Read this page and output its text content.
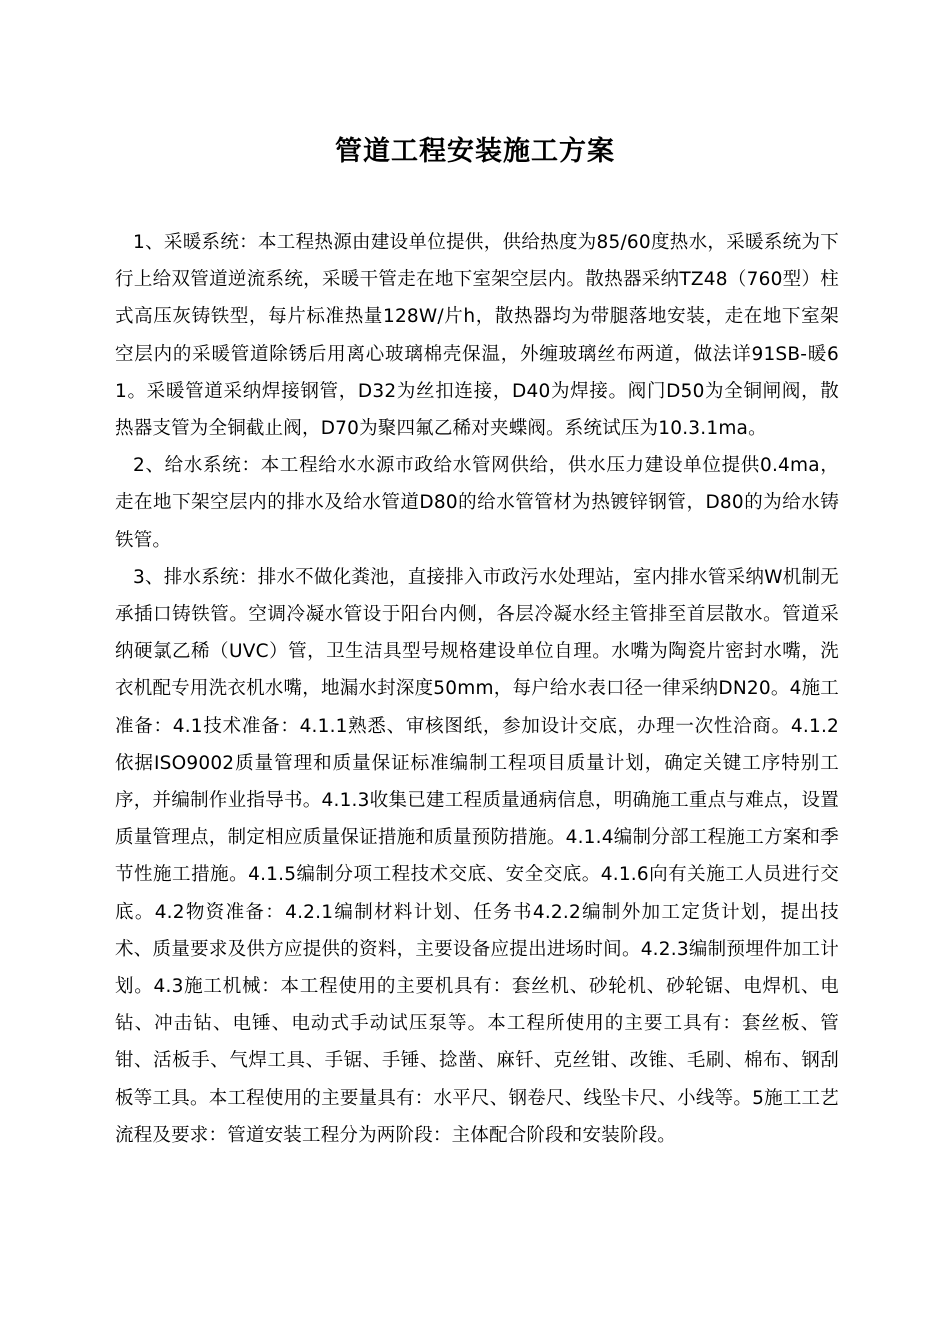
管道工程安装施工方案

1、采暖系统：本工程热源由建设单位提供，供给热度为85/60度热水，采暖系统为下行上给双管道逆流系统，采暖干管走在地下室架空层内。散热器采纳TZ48（760型）柱式高压灰铸铁型，每片标准热量128W/片h，散热器均为带腿落地安装，走在地下室架空层内的采暖管道除锈后用离心玻璃棉壳保温，外缠玻璃丝布两道，做法详91SB-暖61。采暖管道采纳焊接钢管，D32为丝扣连接，D40为焊接。阀门D50为全铜闸阀，散热器支管为全铜截止阀，D70为聚四氟乙稀对夹蝶阀。系统试压为10.3.1ma。

2、给水系统：本工程给水水源市政给水管网供给，供水压力建设单位提供0.4ma，走在地下架空层内的排水及给水管道D80的给水管管材为热镀锌钢管，D80的为给水铸铁管。

3、排水系统：排水不做化粪池，直接排入市政污水处理站，室内排水管采纳W机制无承插口铸铁管。空调冷凝水管设于阳台内侧，各层冷凝水经主管排至首层散水。管道采纳硬氯乙稀（UVC）管，卫生洁具型号规格建设单位自理。水嘴为陶瓷片密封水嘴，洗衣机配专用洗衣机水嘴，地漏水封深度50mm，每户给水表口径一律采纳DN20。4施工准备：4.1技术准备：4.1.1熟悉、审核图纸，参加设计交底，办理一次性洽商。4.1.2依据ISO9002质量管理和质量保证标准编制工程项目质量计划，确定关键工序特别工序，并编制作业指导书。4.1.3收集已建工程质量通病信息，明确施工重点与难点，设置质量管理点，制定相应质量保证措施和质量预防措施。4.1.4编制分部工程施工方案和季节性施工措施。4.1.5编制分项工程技术交底、安全交底。4.1.6向有关施工人员进行交底。4.2物资准备：4.2.1编制材料计划、任务书4.2.2编制外加工定货计划，提出技术、质量要求及供方应提供的资料，主要设备应提出进场时间。4.2.3编制预埋件加工计划。4.3施工机械：本工程使用的主要机具有：套丝机、砂轮机、砂轮锯、电焊机、电钻、冲击钻、电锤、电动式手动试压泵等。本工程所使用的主要工具有：套丝板、管钳、活板手、气焊工具、手锯、手锤、捻凿、麻钎、克丝钳、改锥、毛刷、棉布、钢刮板等工具。本工程使用的主要量具有：水平尺、钢卷尺、线坠卡尺、小线等。5施工工艺流程及要求：管道安装工程分为两阶段：主体配合阶段和安装阶段。
